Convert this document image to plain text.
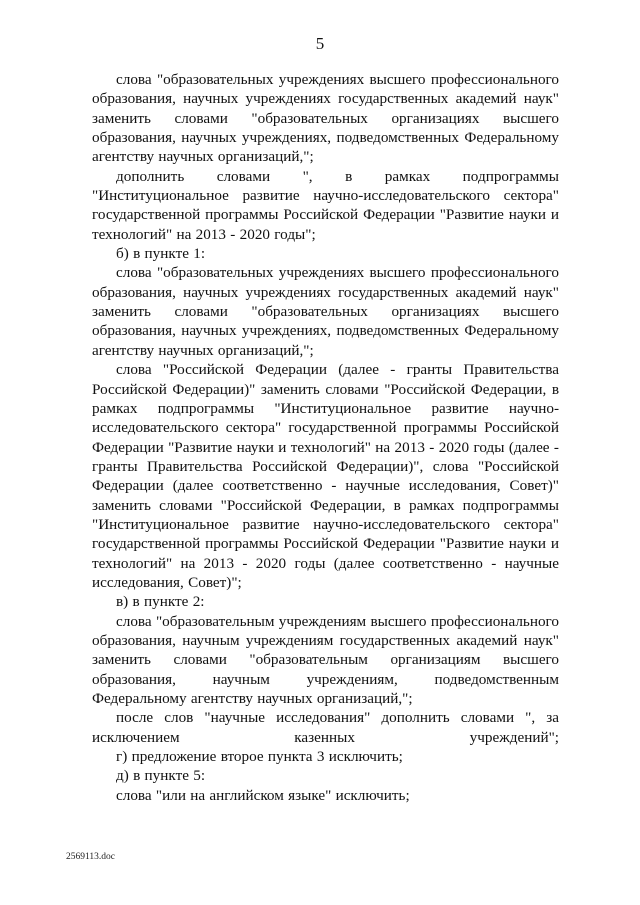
5

слова "образовательных учреждениях высшего профессионального образования, научных учреждениях государственных академий наук" заменить словами "образовательных организациях высшего образования, научных учреждениях, подведомственных Федеральному агентству научных организаций,";

дополнить словами ", в рамках подпрограммы "Институциональное развитие научно-исследовательского сектора" государственной программы Российской Федерации "Развитие науки и технологий" на 2013 - 2020 годы";

б) в пункте 1:

слова "образовательных учреждениях высшего профессионального образования, научных учреждениях государственных академий наук" заменить словами "образовательных организациях высшего образования, научных учреждениях, подведомственных Федеральному агентству научных организаций,";

слова "Российской Федерации (далее - гранты Правительства Российской Федерации)" заменить словами "Российской Федерации, в рамках подпрограммы "Институциональное развитие научно-исследовательского сектора" государственной программы Российской Федерации "Развитие науки и технологий" на 2013 - 2020 годы (далее - гранты Правительства Российской Федерации)", слова "Российской Федерации (далее соответственно - научные исследования, Совет)" заменить словами "Российской Федерации, в рамках подпрограммы "Институциональное развитие научно-исследовательского сектора" государственной программы Российской Федерации "Развитие науки и технологий" на 2013 - 2020 годы (далее соответственно - научные исследования, Совет)";

в) в пункте 2:

слова "образовательным учреждениям высшего профессионального образования, научным учреждениям государственных академий наук" заменить словами "образовательным организациям высшего образования, научным учреждениям, подведомственным Федеральному агентству научных организаций,";

после слов "научные исследования" дополнить словами ", за исключением казенных учреждений";

г) предложение второе пункта 3 исключить;

д) в пункте 5:

слова "или на английском языке" исключить;

2569113.doc
